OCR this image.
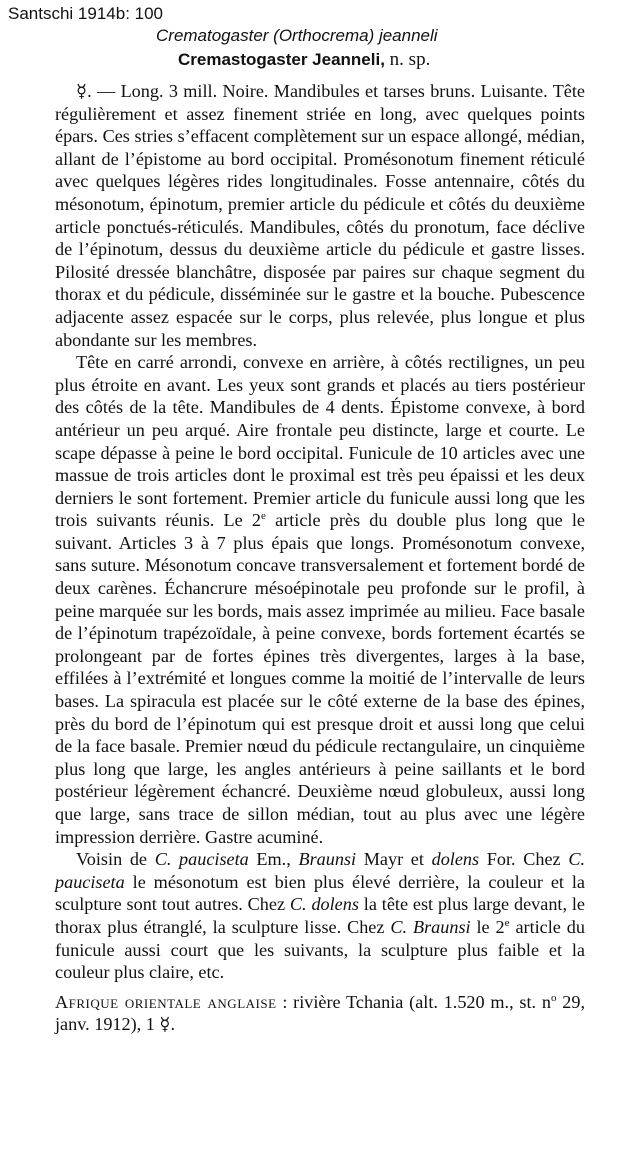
Santschi 1914b: 100
Crematogaster (Orthocrema) jeanneli
Cremastogaster Jeanneli, n. sp.

☿. — Long. 3 mill. Noire. Mandibules et tarses bruns. Luisante. Tête régulièrement et assez finement striée en long, avec quelques points épars. Ces stries s’effacent complètement sur un espace allongé, médian, allant de l’épistome au bord occipital. Promésonotum finement réticulé avec quelques légères rides longitudinales. Fosse antennaire, côtés du mésonotum, épinotum, premier article du pédicule et côtés du deuxième article ponctués-réticulés. Mandibules, côtés du pronotum, face déclive de l’épinotum, dessus du deuxième article du pédicule et gastre lisses. Pilosité dressée blanchâtre, disposée par paires sur chaque segment du thorax et du pédicule, disséminée sur le gastre et la bouche. Pubescence adjacente assez espacée sur le corps, plus relevée, plus longue et plus abondante sur les membres.

Tête en carré arrondi, convexe en arrière, à côtés rectilignes, un peu plus étroite en avant. Les yeux sont grands et placés au tiers postérieur des côtés de la tête. Mandibules de 4 dents. Épistome convexe, à bord antérieur un peu arqué. Aire frontale peu distincte, large et courte. Le scape dépasse à peine le bord occipital. Funicule de 10 articles avec une massue de trois articles dont le proximal est très peu épaissi et les deux derniers le sont fortement. Premier article du funicule aussi long que les trois suivants réunis. Le 2e article près du double plus long que le suivant. Articles 3 à 7 plus épais que longs. Promésonotum convexe, sans suture. Mésonotum concave transversalement et fortement bordé de deux carènes. Échancrure mésoépinotale peu profonde sur le profil, à peine marquée sur les bords, mais assez imprimée au milieu. Face basale de l’épinotum trapézoïdale, à peine convexe, bords fortement écartés se prolongeant par de fortes épines très divergentes, larges à la base, effilées à l’extrémité et longues comme la moitié de l’intervalle de leurs bases. La spiracula est placée sur le côté externe de la base des épines, près du bord de l’épinotum qui est presque droit et aussi long que celui de la face basale. Premier nœud du pédicule rectangulaire, un cinquième plus long que large, les angles antérieurs à peine saillants et le bord postérieur légèrement échancré. Deuxième nœud globuleux, aussi long que large, sans trace de sillon médian, tout au plus avec une légère impression derrière. Gastre acuminé.

Voisin de C. pauciseta Em., Braunsi Mayr et dolens For. Chez C. pauciseta le mésonotum est bien plus élevé derrière, la couleur et la sculpture sont tout autres. Chez C. dolens la tête est plus large devant, le thorax plus étranglé, la sculpture lisse. Chez C. Braunsi le 2e article du funicule aussi court que les suivants, la sculpture plus faible et la couleur plus claire, etc.

Afrique orientale anglaise : rivière Tchania (alt. 1.520 m., st. $n^o$ 29, janv. 1912), 1 ☿.
